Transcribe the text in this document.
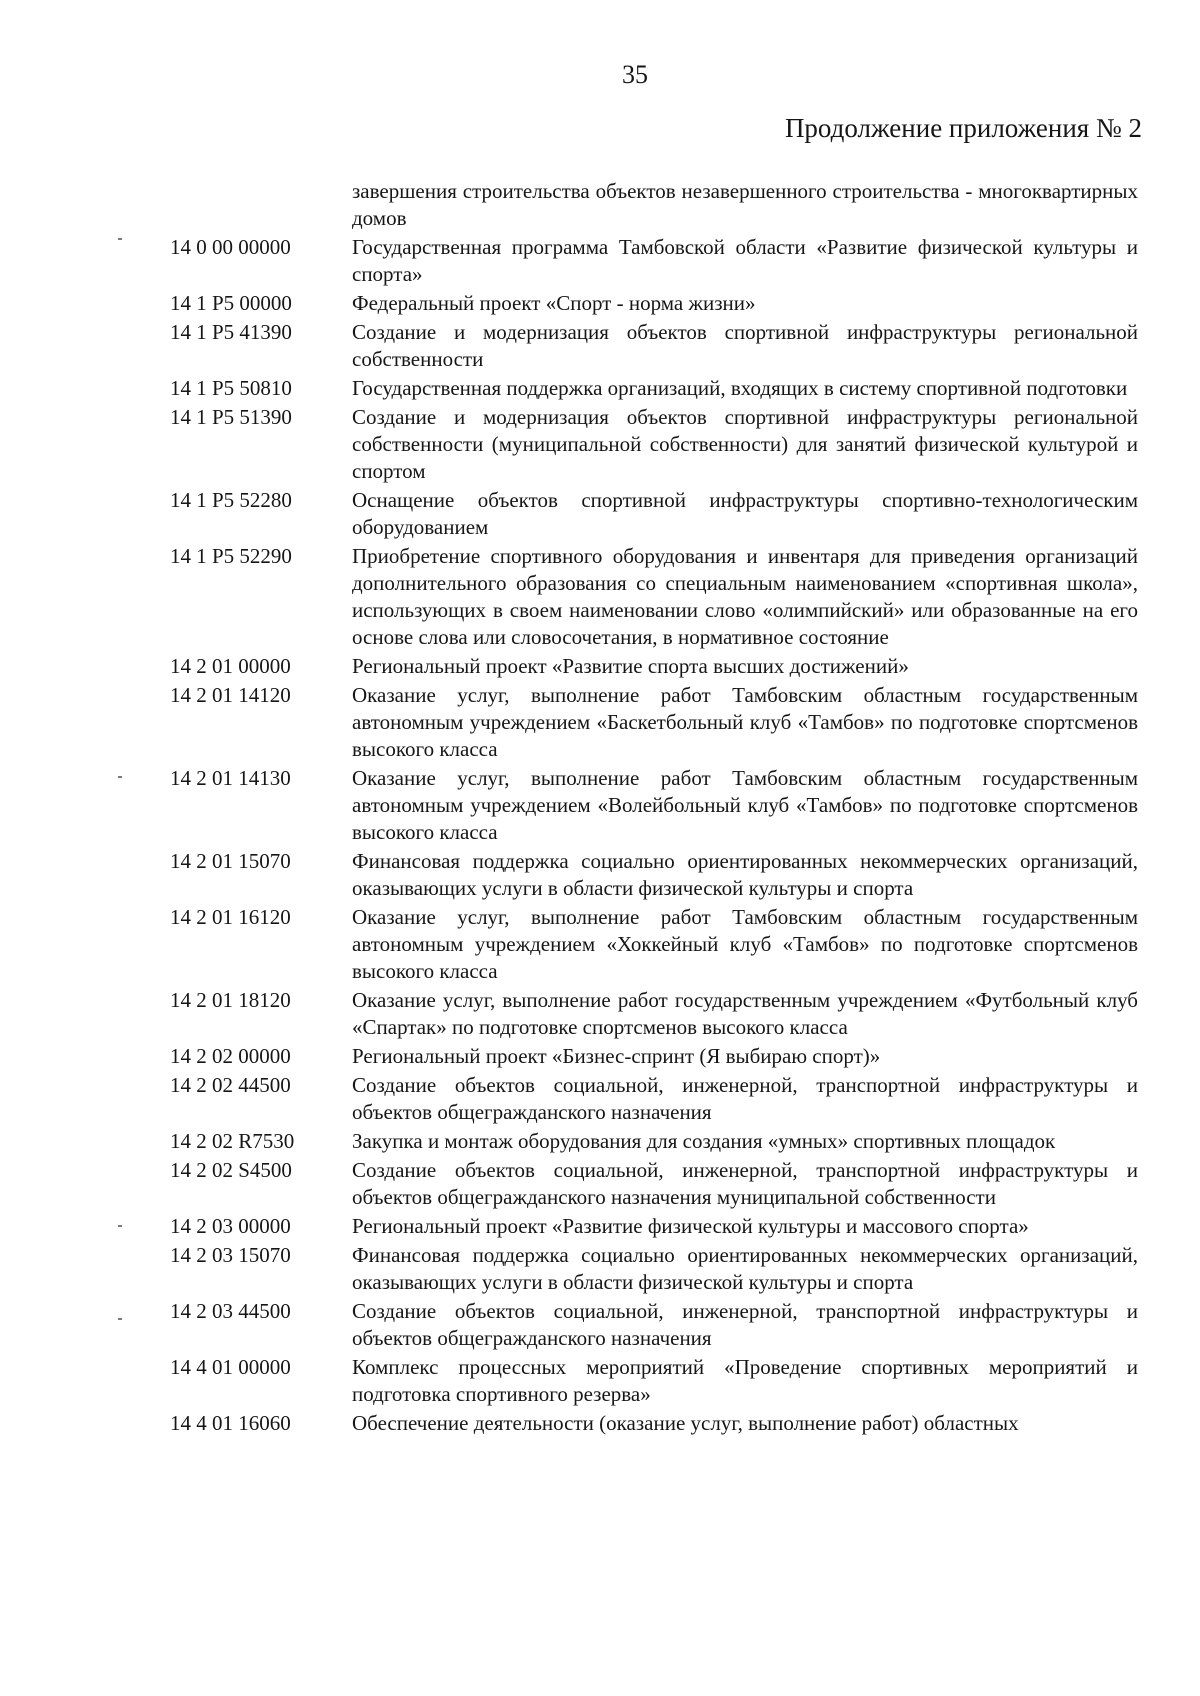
35
Продолжение приложения № 2
завершения строительства объектов незавершенного строительства - многоквартирных домов
14 0 00 00000	Государственная программа Тамбовской области «Развитие физической культуры и спорта»
14 1 P5 00000	Федеральный проект «Спорт - норма жизни»
14 1 P5 41390	Создание и модернизация объектов спортивной инфраструктуры региональной собственности
14 1 P5 50810	Государственная поддержка организаций, входящих в систему спортивной подготовки
14 1 P5 51390	Создание и модернизация объектов спортивной инфраструктуры региональной собственности (муниципальной собственности) для занятий физической культурой и спортом
14 1 P5 52280	Оснащение объектов спортивной инфраструктуры спортивно-технологическим оборудованием
14 1 P5 52290	Приобретение спортивного оборудования и инвентаря для приведения организаций дополнительного образования со специальным наименованием «спортивная школа», использующих в своем наименовании слово «олимпийский» или образованные на его основе слова или словосочетания, в нормативное состояние
14 2 01 00000	Региональный проект «Развитие спорта высших достижений»
14 2 01 14120	Оказание услуг, выполнение работ Тамбовским областным государственным автономным учреждением «Баскетбольный клуб «Тамбов» по подготовке спортсменов высокого класса
14 2 01 14130	Оказание услуг, выполнение работ Тамбовским областным государственным автономным учреждением «Волейбольный клуб «Тамбов» по подготовке спортсменов высокого класса
14 2 01 15070	Финансовая поддержка социально ориентированных некоммерческих организаций, оказывающих услуги в области физической культуры и спорта
14 2 01 16120	Оказание услуг, выполнение работ Тамбовским областным государственным автономным учреждением «Хоккейный клуб «Тамбов» по подготовке спортсменов высокого класса
14 2 01 18120	Оказание услуг, выполнение работ государственным учреждением «Футбольный клуб «Спартак» по подготовке спортсменов высокого класса
14 2 02 00000	Региональный проект «Бизнес-спринт (Я выбираю спорт)»
14 2 02 44500	Создание объектов социальной, инженерной, транспортной инфраструктуры и объектов общегражданского назначения
14 2 02 R7530	Закупка и монтаж оборудования для создания «умных» спортивных площадок
14 2 02 S4500	Создание объектов социальной, инженерной, транспортной инфраструктуры и объектов общегражданского назначения муниципальной собственности
14 2 03 00000	Региональный проект «Развитие физической культуры и массового спорта»
14 2 03 15070	Финансовая поддержка социально ориентированных некоммерческих организаций, оказывающих услуги в области физической культуры и спорта
14 2 03 44500	Создание объектов социальной, инженерной, транспортной инфраструктуры и объектов общегражданского назначения
14 4 01 00000	Комплекс процессных мероприятий «Проведение спортивных мероприятий и подготовка спортивного резерва»
14 4 01 16060	Обеспечение деятельности (оказание услуг, выполнение работ) областных
